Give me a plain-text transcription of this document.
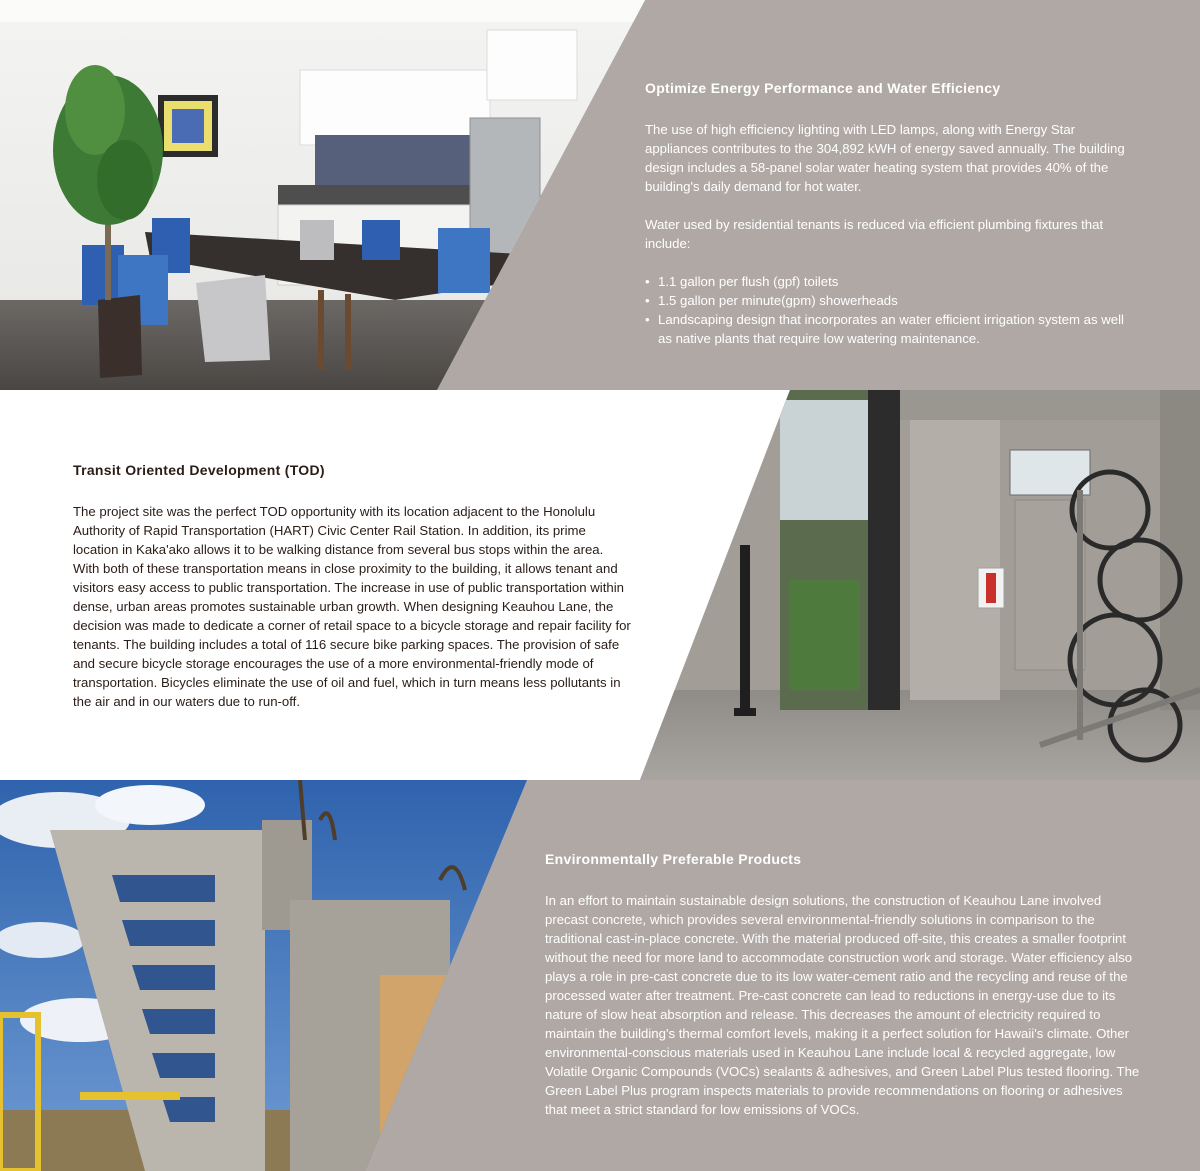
Optimize Energy Performance and Water Efficiency

The use of high efficiency lighting with LED lamps, along with Energy Star appliances contributes to the 304,892 kWH of energy saved annually. The building design includes a 58-panel solar water heating system that provides 40% of the building's daily demand for hot water.

Water used by residential tenants is reduced via efficient plumbing fixtures that include:

• 1.1 gallon per flush (gpf) toilets
• 1.5 gallon per minute(gpm) showerheads
• Landscaping design that incorporates an water efficient irrigation system as well as native plants that require low watering maintenance.
Transit Oriented Development (TOD)

The project site was the perfect TOD opportunity with its location adjacent to the Honolulu Authority of Rapid Transportation (HART) Civic Center Rail Station. In addition, its prime location in Kaka'ako allows it to be walking distance from several bus stops within the area. With both of these transportation means in close proximity to the building, it allows tenant and visitors easy access to public transportation. The increase in use of public transportation within dense, urban areas promotes sustainable urban growth. When designing Keauhou Lane, the decision was made to dedicate a corner of retail space to a bicycle storage and repair facility for tenants. The building includes a total of 116 secure bike parking spaces. The provision of safe and secure bicycle storage encourages the use of a more environmental-friendly mode of transportation. Bicycles eliminate the use of oil and fuel, which in turn means less pollutants in the air and in our waters due to run-off.

Environmentally Preferable Products

In an effort to maintain sustainable design solutions, the construction of Keauhou Lane involved precast concrete, which provides several environmental-friendly solutions in comparison to the traditional cast-in-place concrete. With the material produced off-site, this creates a smaller footprint without the need for more land to accommodate construction work and storage. Water efficiency also plays a role in pre-cast concrete due to its low water-cement ratio and the recycling and reuse of the processed water after treatment. Pre-cast concrete can lead to reductions in energy-use due to its nature of slow heat absorption and release. This decreases the amount of electricity required to maintain the building's thermal comfort levels, making it a perfect solution for Hawaii's climate. Other environmental-conscious materials used in Keauhou Lane include local & recycled aggregate, low Volatile Organic Compounds (VOCs) sealants & adhesives, and Green Label Plus tested flooring. The Green Label Plus program inspects materials to provide recommendations on flooring or adhesives that meet a strict standard for low emissions of VOCs.
